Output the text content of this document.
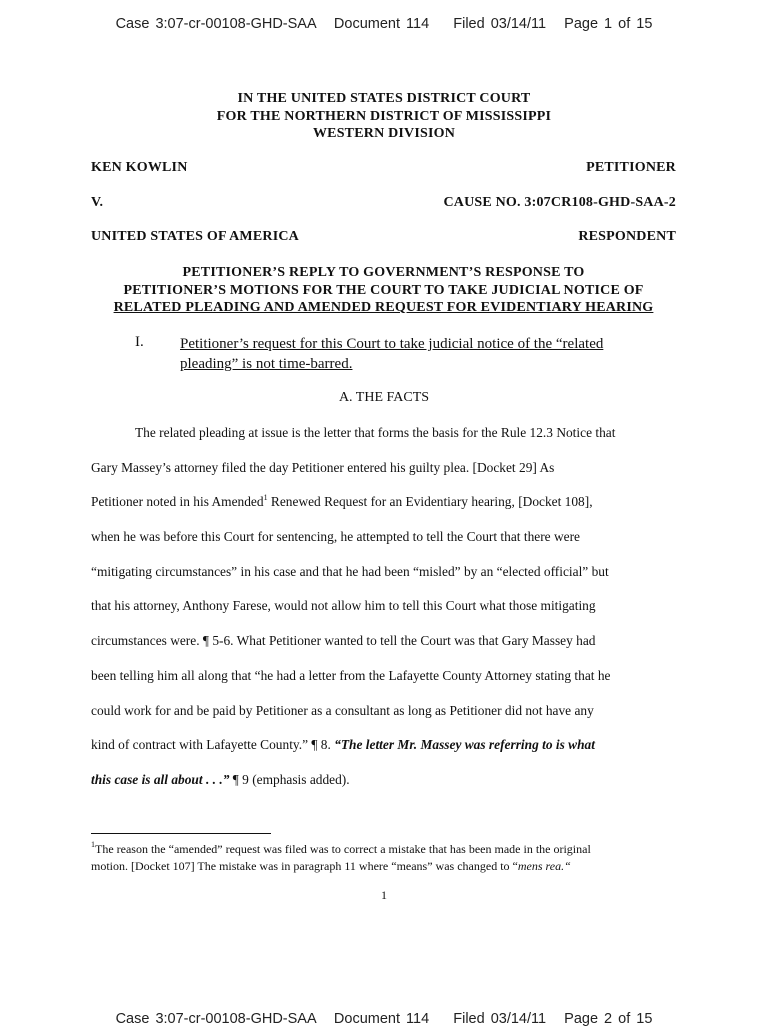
Case 3:07-cr-00108-GHD-SAA   Document 114    Filed 03/14/11   Page 1 of 15
IN THE UNITED STATES DISTRICT COURT
FOR THE NORTHERN DISTRICT OF MISSISSIPPI
WESTERN DIVISION
KEN KOWLIN	PETITIONER
V.	CAUSE NO. 3:07CR108-GHD-SAA-2
UNITED STATES OF AMERICA	RESPONDENT
PETITIONER’S REPLY TO GOVERNMENT’S RESPONSE TO
PETITIONER’S MOTIONS FOR THE COURT TO TAKE JUDICIAL NOTICE OF
RELATED PLEADING AND AMENDED REQUEST FOR EVIDENTIARY HEARING
I. Petitioner’s request for this Court to take judicial notice of the “related
pleading” is not time-barred.
A. THE FACTS
The related pleading at issue is the letter that forms the basis for the Rule 12.3 Notice that
Gary Massey’s attorney filed the day Petitioner entered his guilty plea. [Docket 29] As
Petitioner noted in his Amended$^1$ Renewed Request for an Evidentiary hearing, [Docket 108],
when he was before this Court for sentencing, he attempted to tell the Court that there were
“mitigating circumstances” in his case and that he had been “misled” by an “elected official” but
that his attorney, Anthony Farese, would not allow him to tell this Court what those mitigating
circumstances were. ¶ 5-6. What Petitioner wanted to tell the Court was that Gary Massey had
been telling him all along that “he had a letter from the Lafayette County Attorney stating that he
could work for and be paid by Petitioner as a consultant as long as Petitioner did not have any
kind of contract with Lafayette County.” ¶ 8. “The letter Mr. Massey was referring to is what
this case is all about . . .” ¶ 9 (emphasis added).
$^1$The reason the “amended” request was filed was to correct a mistake that has been made in the original
motion. [Docket 107] The mistake was in paragraph 11 where “means” was changed to “mens rea.“
1
Case 3:07-cr-00108-GHD-SAA   Document 114    Filed 03/14/11   Page 2 of 15
